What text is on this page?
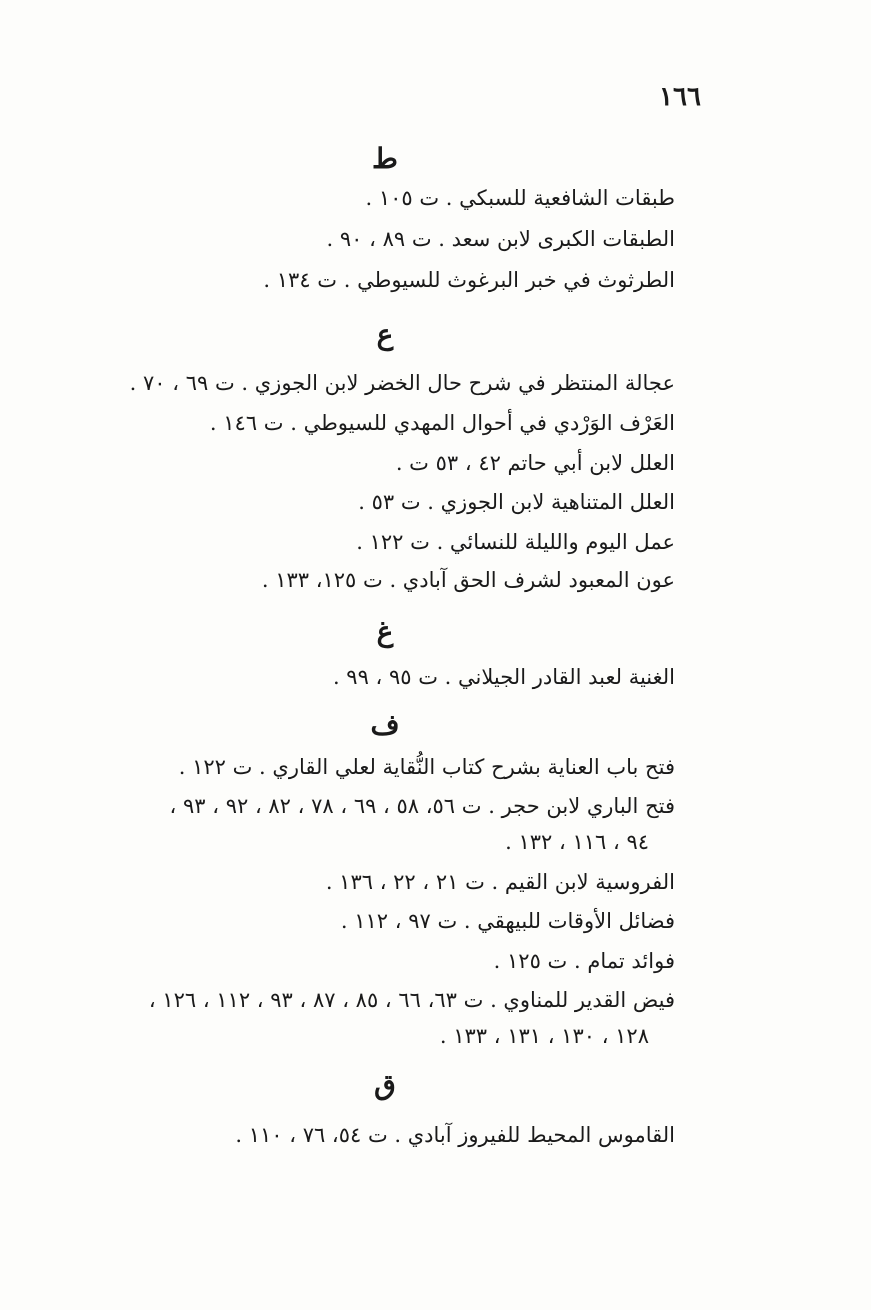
١٦٦
ط
طبقات الشافعية للسبكي . ت ١٠٥ .
الطبقات الكبرى لابن سعد . ت ٨٩ ، ٩٠ .
الطرثوث في خبر البرغوث للسيوطي . ت ١٣٤ .
ع
عجالة المنتظر في شرح حال الخضر لابن الجوزي . ت ٦٩ ، ٧٠ .
العَرْف الوَرْدي في أحوال المهدي للسيوطي . ت ١٤٦ .
العلل لابن أبي حاتم ٤٢ ، ٥٣ ت .
العلل المتناهية لابن الجوزي . ت ٥٣ .
عمل اليوم والليلة للنسائي . ت ١٢٢ .
عون المعبود لشرف الحق آبادي . ت ١٢٥، ١٣٣ .
غ
الغنية لعبد القادر الجيلاني . ت ٩٥ ، ٩٩ .
ف
فتح باب العناية بشرح كتاب النُّقاية لعلي القاري . ت ١٢٢ .
فتح الباري لابن حجر . ت ٥٦، ٥٨ ، ٦٩ ، ٧٨ ، ٨٢ ، ٩٢ ، ٩٣ ،
٩٤ ، ١١٦ ، ١٣٢ .
الفروسية لابن القيم . ت ٢١ ، ٢٢ ، ١٣٦ .
فضائل الأوقات للبيهقي . ت ٩٧ ، ١١٢ .
فوائد تمام . ت ١٢٥ .
فيض القدير للمناوي . ت ٦٣، ٦٦ ، ٨٥ ، ٨٧ ، ٩٣ ، ١١٢ ، ١٢٦ ،
١٢٨ ، ١٣٠ ، ١٣١ ، ١٣٣ .
ق
القاموس المحيط للفيروز آبادي . ت ٥٤، ٧٦ ، ١١٠ .
